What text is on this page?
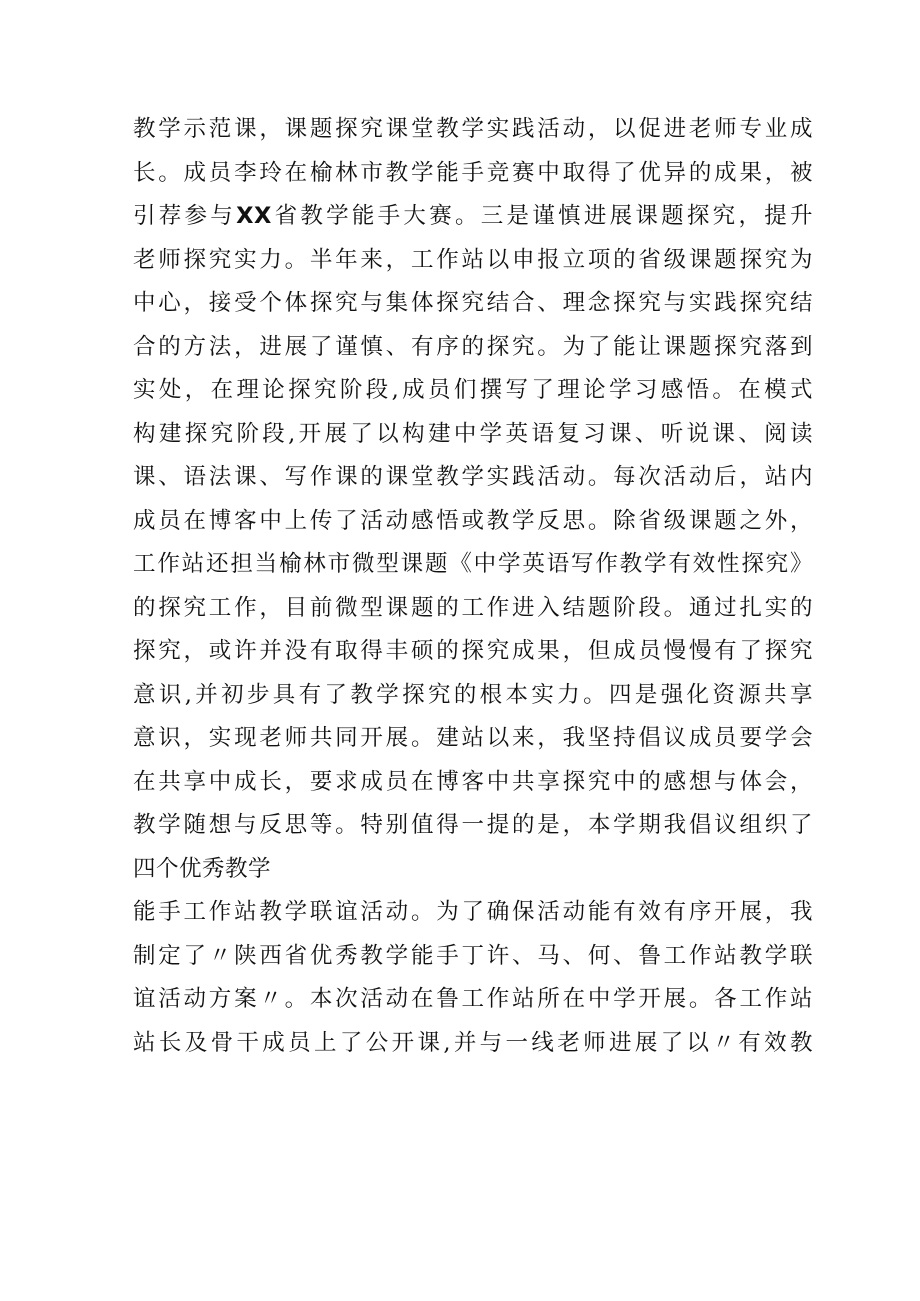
教学示范课，课题探究课堂教学实践活动，以促进老师专业成
长。成员李玲在榆林市教学能手竞赛中取得了优异的成果，被
引荐参与XX省教学能手大赛。三是谨慎进展课题探究，提升
老师探究实力。半年来，工作站以申报立项的省级课题探究为
中心，接受个体探究与集体探究结合、理念探究与实践探究结
合的方法，进展了谨慎、有序的探究。为了能让课题探究落到
实处，在理论探究阶段,成员们撰写了理论学习感悟。在模式
构建探究阶段,开展了以构建中学英语复习课、听说课、阅读
课、语法课、写作课的课堂教学实践活动。每次活动后，站内
成员在博客中上传了活动感悟或教学反思。除省级课题之外，
工作站还担当榆林市微型课题《中学英语写作教学有效性探究》
的探究工作，目前微型课题的工作进入结题阶段。通过扎实的
探究，或许并没有取得丰硕的探究成果，但成员慢慢有了探究
意识,并初步具有了教学探究的根本实力。四是强化资源共享
意识，实现老师共同开展。建站以来，我坚持倡议成员要学会
在共享中成长，要求成员在博客中共享探究中的感想与体会，
教学随想与反思等。特别值得一提的是，本学期我倡议组织了
四个优秀教学
能手工作站教学联谊活动。为了确保活动能有效有序开展，我
制定了〃陕西省优秀教学能手丁许、马、何、鲁工作站教学联
谊活动方案〃。本次活动在鲁工作站所在中学开展。各工作站
站长及骨干成员上了公开课,并与一线老师进展了以〃有效教
